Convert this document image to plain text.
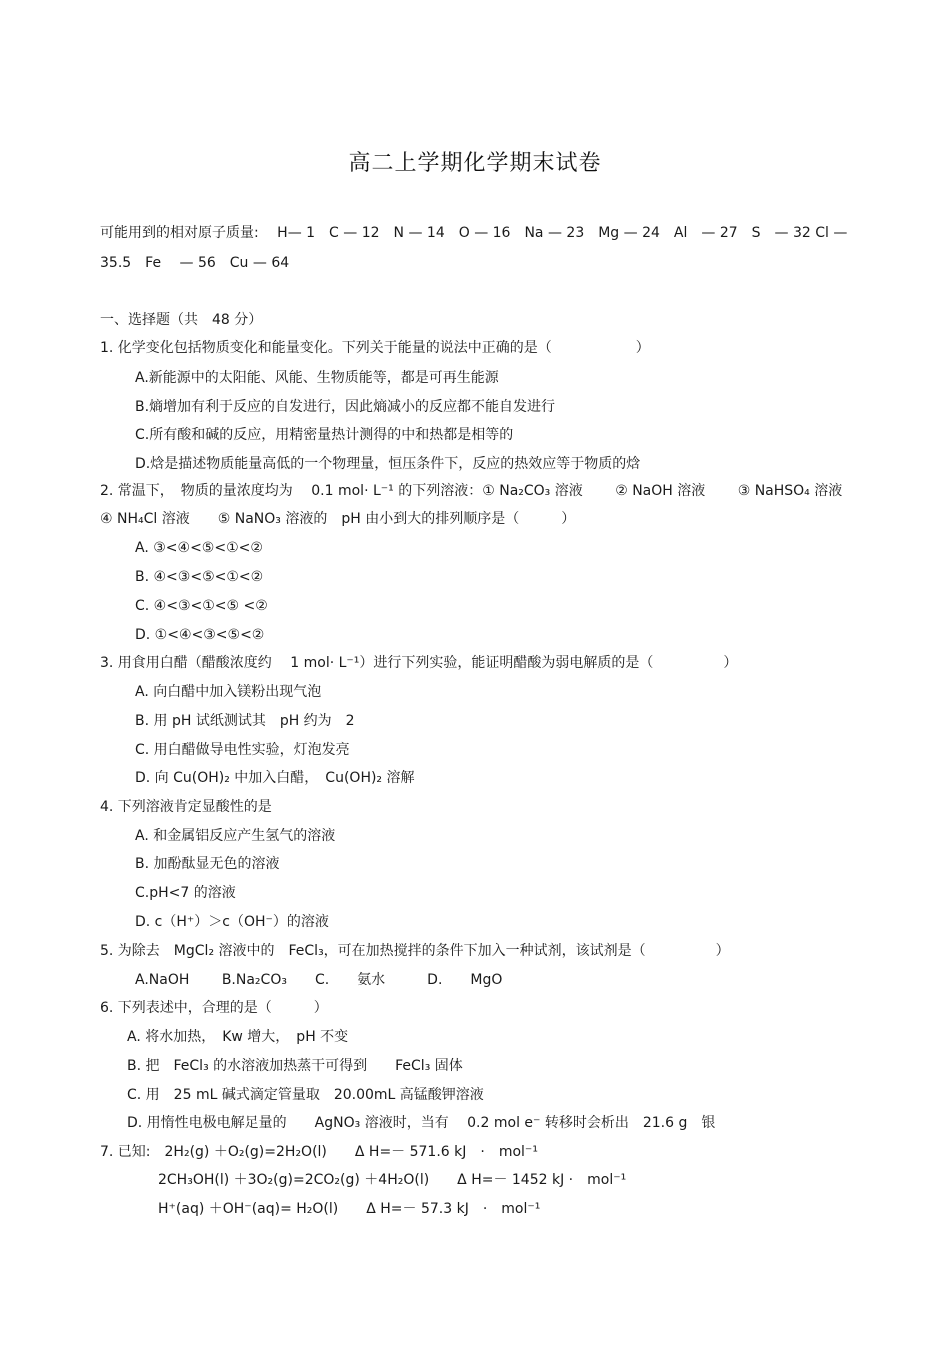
高二上学期化学期末试卷
可能用到的相对原子质量:　 H— 1　C — 12　N — 14　O — 16　Na — 23　Mg — 24　Al　— 27　S　— 32 Cl —
35.5　Fe　 — 56　Cu — 64
一、选择题（共　48 分）
1. 化学变化包括物质变化和能量变化。下列关于能量的说法中正确的是（　　　　　　）
A.新能源中的太阳能、风能、生物质能等，都是可再生能源
B.熵增加有利于反应的自发进行，因此熵减小的反应都不能自发进行
C.所有酸和碱的反应，用精密量热计测得的中和热都是相等的
D.焓是描述物质能量高低的一个物理量，恒压条件下，反应的热效应等于物质的焓
2. 常温下，　物质的量浓度均为　 0.1 mol· L⁻¹ 的下列溶液：① Na₂CO₃ 溶液　　 ② NaOH 溶液　　 ③ NaHSO₄ 溶液
④ NH₄Cl 溶液　　⑤ NaNO₃ 溶液的　pH 由小到大的排列顺序是（　　　）
A. ③<④<⑤<①<②
B. ④<③<⑤<①<②
C. ④<③<①<⑤ <②
D. ①<④<③<⑤<②
3. 用食用白醋（醋酸浓度约　 1 mol· L⁻¹）进行下列实验，能证明醋酸为弱电解质的是（　　　　　）
A. 向白醋中加入镁粉出现气泡
B. 用 pH 试纸测试其　pH 约为　2
C. 用白醋做导电性实验，灯泡发亮
D. 向 Cu(OH)₂ 中加入白醋，　Cu(OH)₂ 溶解
4. 下列溶液肯定显酸性的是
A. 和金属铝反应产生氢气的溶液
B. 加酚酞显无色的溶液
C.pH<7 的溶液
D. c（H⁺）＞c（OH⁻）的溶液
5. 为除去　MgCl₂ 溶液中的　FeCl₃，可在加热搅拌的条件下加入一种试剂，该试剂是（　　　　　）
A.NaOH　　 B.Na₂CO₃　　C.　　氨水　　　D.　　MgO
6. 下列表述中，合理的是（　　　）
A. 将水加热，　Kw 增大，　pH 不变
B. 把　FeCl₃ 的水溶液加热蒸干可得到　　FeCl₃ 固体
C. 用　25 mL 碱式滴定管量取　20.00mL 高锰酸钾溶液
D. 用惰性电极电解足量的　　AgNO₃ 溶液时，当有　 0.2 mol e⁻ 转移时会析出　21.6 g　银
7. 已知:　2H₂(g) ＋O₂(g)=2H₂O(l)　　Δ H=－ 571.6 kJ　·　mol⁻¹
2CH₃OH(l) ＋3O₂(g)=2CO₂(g) ＋4H₂O(l)　　Δ H=－ 1452 kJ ·　mol⁻¹
H⁺(aq) ＋OH⁻(aq)= H₂O(l)　　Δ H=－ 57.3 kJ　·　mol⁻¹
